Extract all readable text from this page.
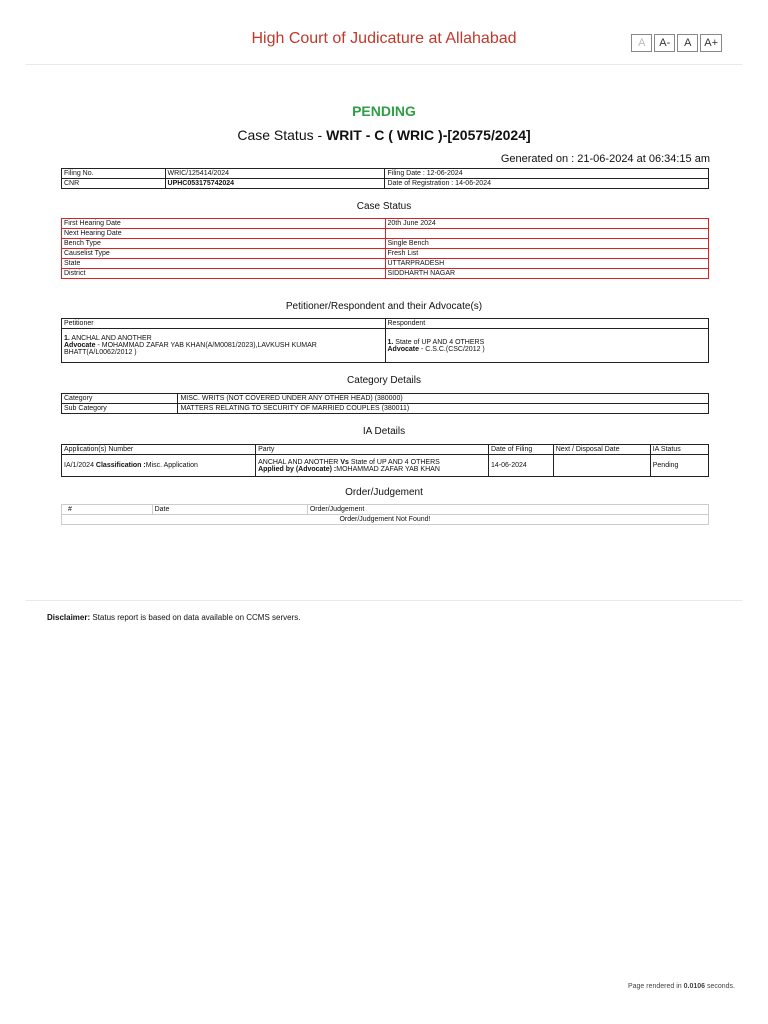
High Court of Judicature at Allahabad	A	A-	A	A+
PENDING
Case Status - WRIT - C ( WRIC )-[20575/2024]
Generated on : 21-06-2024 at 06:34:15 am
Filing No.	WRIC/125414/2024	Filing Date : 12-06-2024
CNR	UPHC053175742024	Date of Registration : 14-06-2024
Case Status
First Hearing Date	20th June 2024
Next Hearing Date	
Bench Type	Single Bench
Causelist Type	Fresh List
State	UTTARPRADESH
District	SIDDHARTH NAGAR
Petitioner/Respondent and their Advocate(s)
Petitioner	Respondent
1. ANCHAL AND ANOTHER
Advocate - MOHAMMAD ZAFAR YAB KHAN(A/M0081/2023),LAVKUSH KUMAR BHATT(A/L0062/2012 )	1. State of UP AND 4 OTHERS
Advocate - C.S.C.(CSC/2012 )
Category Details
Category	MISC. WRITS (NOT COVERED UNDER ANY OTHER HEAD) (380000)
Sub Category	MATTERS RELATING TO SECURITY OF MARRIED COUPLES (380011)
IA Details
Application(s) Number	Party	Date of Filing	Next / Disposal Date	IA Status
IA/1/2024 Classification :Misc. Application	ANCHAL AND ANOTHER Vs State of UP AND 4 OTHERS
Applied by (Advocate) :MOHAMMAD ZAFAR YAB KHAN	14-06-2024		Pending
Order/Judgement
#	Date	Order/Judgement
Order/Judgement Not Found!
Disclaimer: Status report is based on data available on CCMS servers.
Page rendered in 0.0106 seconds.
